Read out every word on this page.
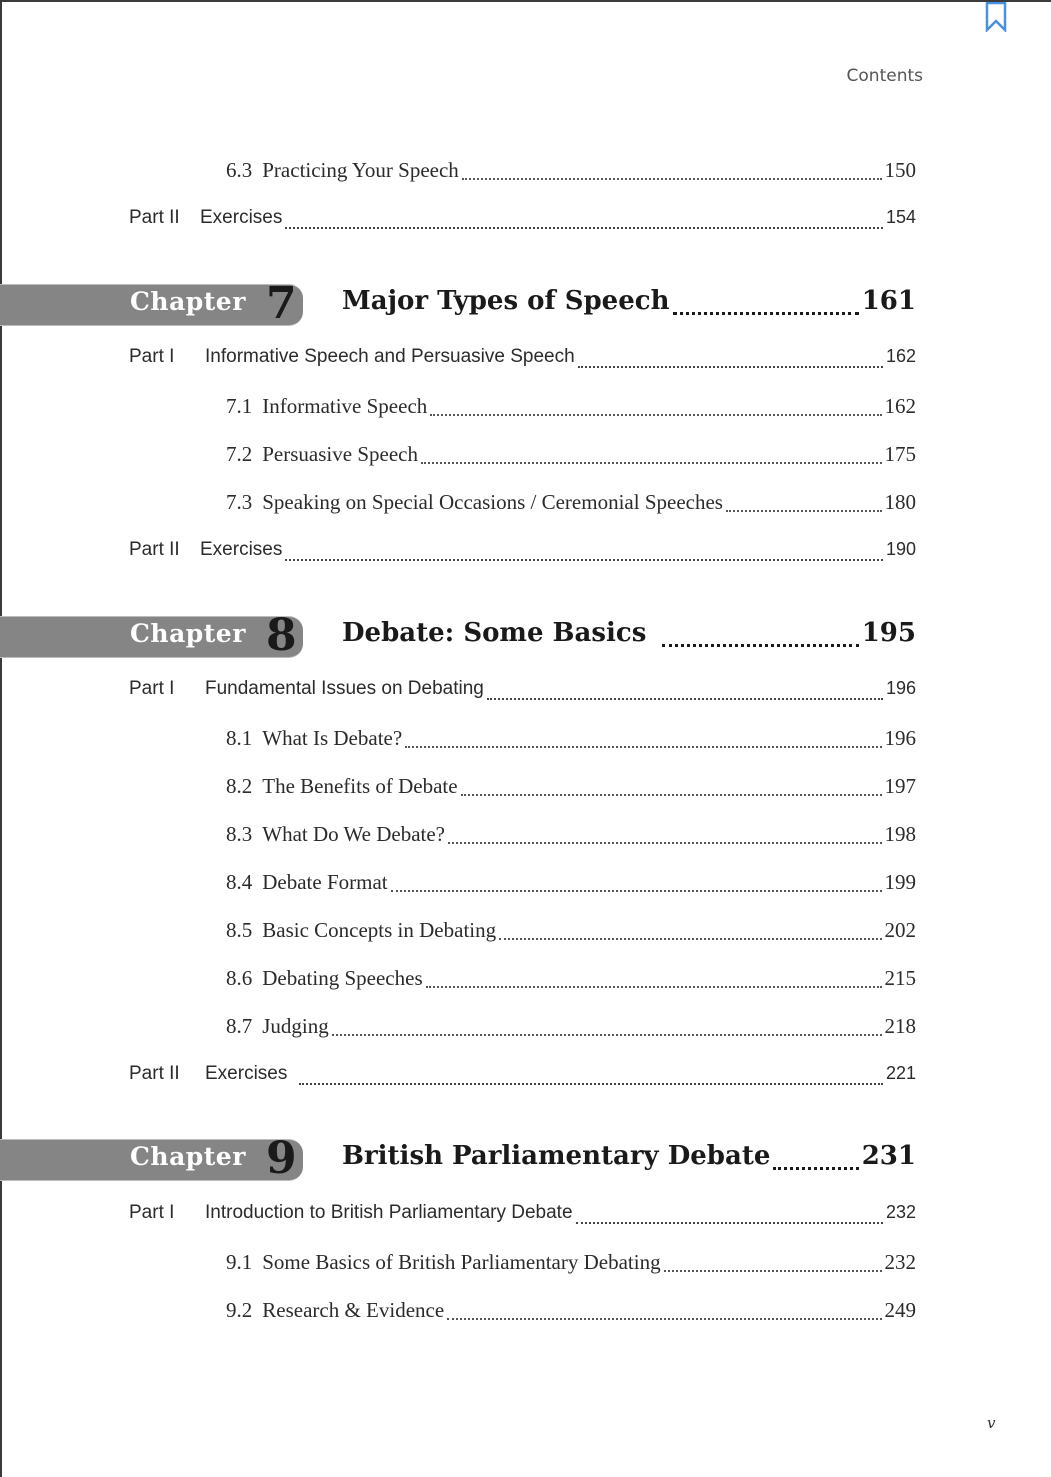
Contents
6.3 Practicing Your Speech	150
Part II Exercises	154
Chapter 7 Major Types of Speech	161
Part I Informative Speech and Persuasive Speech	162
7.1 Informative Speech	162
7.2 Persuasive Speech	175
7.3 Speaking on Special Occasions / Ceremonial Speeches	180
Part II Exercises	190
Chapter 8 Debate: Some Basics	195
Part I Fundamental Issues on Debating	196
8.1 What Is Debate?	196
8.2 The Benefits of Debate	197
8.3 What Do We Debate?	198
8.4 Debate Format	199
8.5 Basic Concepts in Debating	202
8.6 Debating Speeches	215
8.7 Judging	218
Part II Exercises	221
Chapter 9 British Parliamentary Debate	231
Part I Introduction to British Parliamentary Debate	232
9.1 Some Basics of British Parliamentary Debating	232
9.2 Research & Evidence	249
v
